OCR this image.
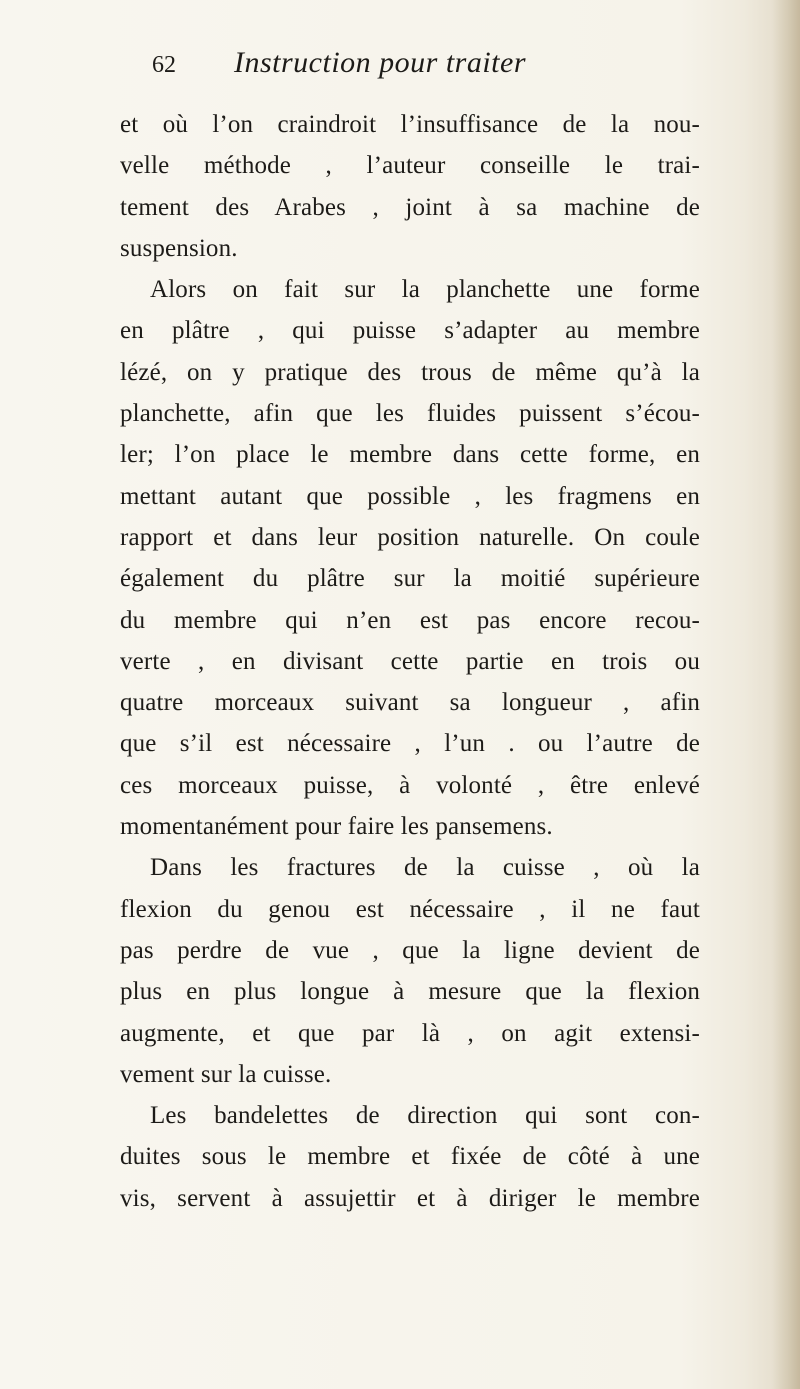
62 Instruction pour traiter
et où l’on craindroit l’insuffisance de la nou-
velle méthode , l’auteur conseille le trai-
tement des Arabes , joint à sa machine de
suspension.
Alors on fait sur la planchette une forme
en plâtre , qui puisse s’adapter au membre
lézé, on y pratique des trous de même qu’à la
planchette, afin que les fluides puissent s’écou-
ler; l’on place le membre dans cette forme, en
mettant autant que possible , les fragmens en
rapport et dans leur position naturelle. On coule
également du plâtre sur la moitié supérieure
du membre qui n’en est pas encore recou-
verte , en divisant cette partie en trois ou
quatre morceaux suivant sa longueur , afin
que s’il est nécessaire , l’un . ou l’autre de
ces morceaux puisse, à volonté , être enlevé
momentanément pour faire les pansemens.
Dans les fractures de la cuisse , où la
flexion du genou est nécessaire , il ne faut
pas perdre de vue , que la ligne devient de
plus en plus longue à mesure que la flexion
augmente, et que par là , on agit extensi-
vement sur la cuisse.
Les bandelettes de direction qui sont con-
duites sous le membre et fixée de côté à une
vis, servent à assujettir et à diriger le membre
